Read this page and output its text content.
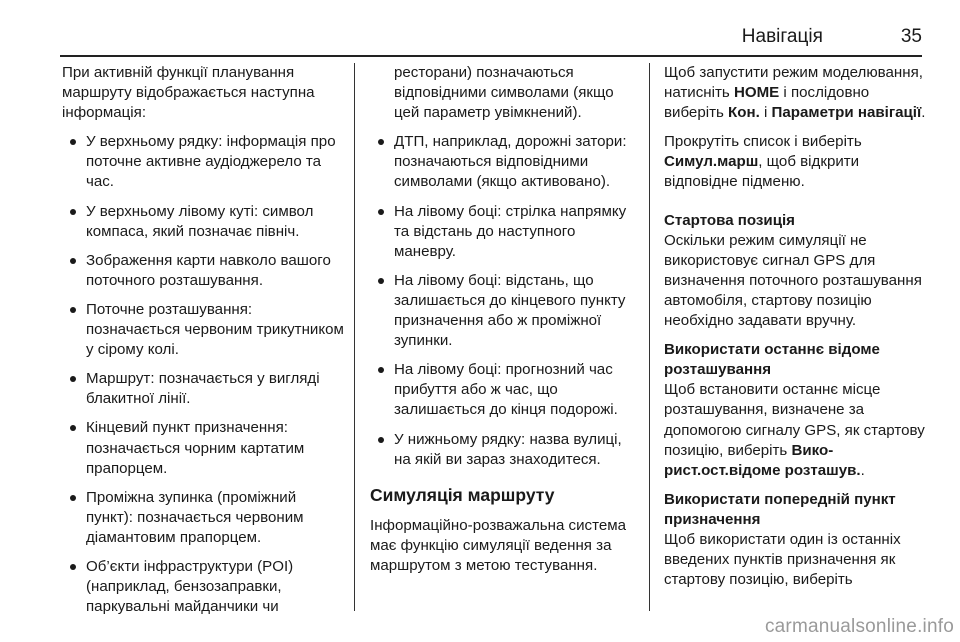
Навігація	35

При активній функції планування маршруту відображається наступна інформація:

У верхньому рядку: інформація про поточне активне аудіоджерело та час.
У верхньому лівому куті: символ компаса, який позначає північ.
Зображення карти навколо вашого поточного розташування.
Поточне розташування: позначається червоним трикутником у сірому колі.
Маршрут: позначається у вигляді блакитної лінії.
Кінцевий пункт призначення: позначається чорним картатим прапорцем.
Проміжна зупинка (проміжний пункт): позначається червоним діамантовим прапорцем.
Об’єкти інфраструктури (POI) (наприклад, бензозаправки, паркувальні майданчики чи

ресторани) позначаються відповідними символами (якщо цей параметр увімкнений).

ДТП, наприклад, дорожні затори: позначаються відповідними символами (якщо активовано).
На лівому боці: стрілка напрямку та відстань до наступного маневру.
На лівому боці: відстань, що залишається до кінцевого пункту призначення або ж проміжної зупинки.
На лівому боці: прогнозний час прибуття або ж час, що залишається до кінця подорожі.
У нижньому рядку: назва вулиці, на якій ви зараз знаходитеся.
Симуляція маршруту

Інформаційно-розважальна система має функцію симуляції ведення за маршрутом з метою тестування.

Щоб запустити режим моделювання, натисніть HOME і послідовно виберіть Кон. і Параметри навігації.

Прокрутіть список і виберіть Симул.марш, щоб відкрити відповідне підменю.

Стартова позиція

Оскільки режим симуляції не використовує сигнал GPS для визначення поточного розташування автомобіля, стартову позицію необхідно задавати вручну.

Використати останнє відоме розташування

Щоб встановити останнє місце розташування, визначене за допомогою сигналу GPS, як стартову позицію, виберіть Вико-рист.ост.відоме розташув..

Використати попередній пункт призначення

Щоб використати один із останніх введених пунктів призначення як стартову позицію, виберіть

carmanualsonline.info
